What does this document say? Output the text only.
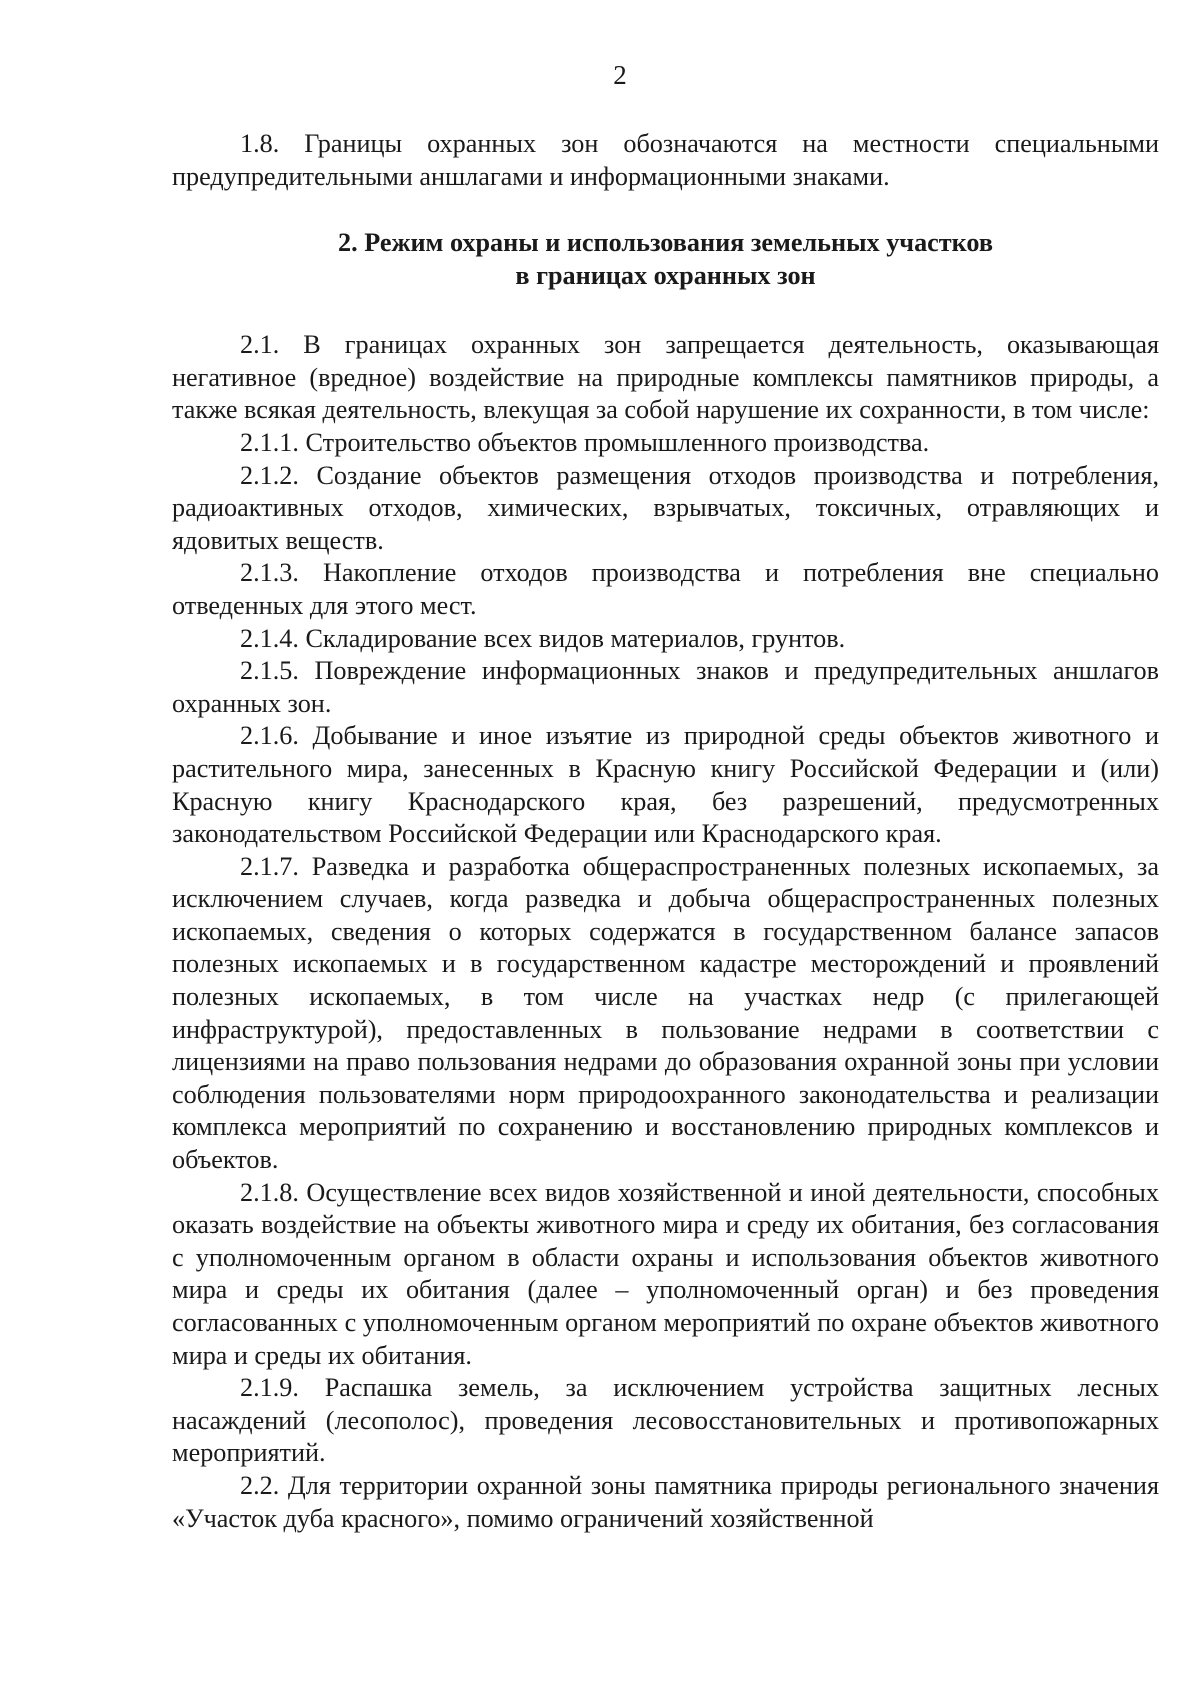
2

1.8. Границы охранных зон обозначаются на местности специальными предупредительными аншлагами и информационными знаками.

2. Режим охраны и использования земельных участков
в границах охранных зон

2.1. В границах охранных зон запрещается деятельность, оказывающая негативное (вредное) воздействие на природные комплексы памятников природы, а также всякая деятельность, влекущая за собой нарушение их сохранности, в том числе:

2.1.1. Строительство объектов промышленного производства.

2.1.2. Создание объектов размещения отходов производства и потребления, радиоактивных отходов, химических, взрывчатых, токсичных, отравляющих и ядовитых веществ.

2.1.3. Накопление отходов производства и потребления вне специально отведенных для этого мест.

2.1.4. Складирование всех видов материалов, грунтов.

2.1.5. Повреждение информационных знаков и предупредительных аншлагов охранных зон.

2.1.6. Добывание и иное изъятие из природной среды объектов животного и растительного мира, занесенных в Красную книгу Российской Федерации и (или) Красную книгу Краснодарского края, без разрешений, предусмотренных законодательством Российской Федерации или Краснодарского края.

2.1.7. Разведка и разработка общераспространенных полезных ископаемых, за исключением случаев, когда разведка и добыча общераспространенных полезных ископаемых, сведения о которых содержатся в государственном балансе запасов полезных ископаемых и в государственном кадастре месторождений и проявлений полезных ископаемых, в том числе на участках недр (с прилегающей инфраструктурой), предоставленных в пользование недрами в соответствии с лицензиями на право пользования недрами до образования охранной зоны при условии соблюдения пользователями норм природоохранного законодательства и реализации комплекса мероприятий по сохранению и восстановлению природных комплексов и объектов.

2.1.8. Осуществление всех видов хозяйственной и иной деятельности, способных оказать воздействие на объекты животного мира и среду их обитания, без согласования с уполномоченным органом в области охраны и использования объектов животного мира и среды их обитания (далее – уполномоченный орган) и без проведения согласованных с уполномоченным органом мероприятий по охране объектов животного мира и среды их обитания.

2.1.9. Распашка земель, за исключением устройства защитных лесных насаждений (лесополос), проведения лесовосстановительных и противопожарных мероприятий.

2.2. Для территории охранной зоны памятника природы регионального значения «Участок дуба красного», помимо ограничений хозяйственной
